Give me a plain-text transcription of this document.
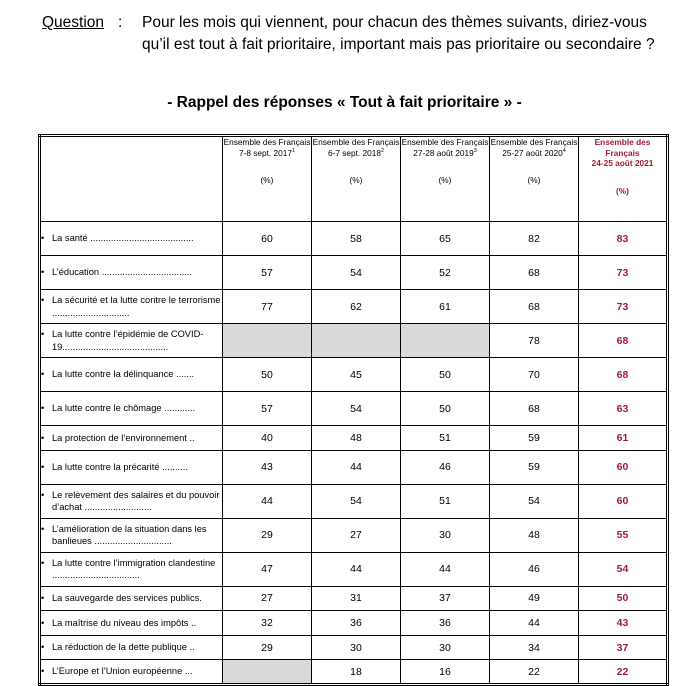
Question : Pour les mois qui viennent, pour chacun des thèmes suivants, diriez-vous qu’il est tout à fait prioritaire, important mais pas prioritaire ou secondaire ?
- Rappel des réponses « Tout à fait prioritaire » -

	Ensemble des Français
7-8 sept. 2017$^1$
(%)	Ensemble des Français
6-7 sept. 2018$^2$
(%)	Ensemble des Français
27-28 août 2019$^3$
(%)	Ensemble des Français
25-27 août 2020$^4$
(%)	Ensemble des Français
24-25 août 2021
(%)

• La santé ........................................	60	58	65	82	83

• L’éducation ...................................	57	54	52	68	73

• La sécurité et la lutte contre le terrorisme ..............................	77	62	61	68	73

• La lutte contre l’épidémie de COVID-19.........................................				78	68

• La lutte contre la délinquance .......	50	45	50	70	68

• La lutte contre le chômage ............	57	54	50	68	63

• La protection de l’environnement ..	40	48	51	59	61

• La lutte contre la précarité ..........	43	44	46	59	60

• Le relèvement des salaires et du pouvoir d’achat ..........................	44	54	51	54	60

• L’amélioration de la situation dans les banlieues ..............................	29	27	30	48	55

• La lutte contre l’immigration clandestine ..................................	47	44	44	46	54

• La sauvegarde des services publics.	27	31	37	49	50

• La maîtrise du niveau des impôts ..	32	36	36	44	43

• La réduction de la dette publique ..	29	30	30	34	37

• L’Europe et l’Union européenne ...		18	16	22	22
